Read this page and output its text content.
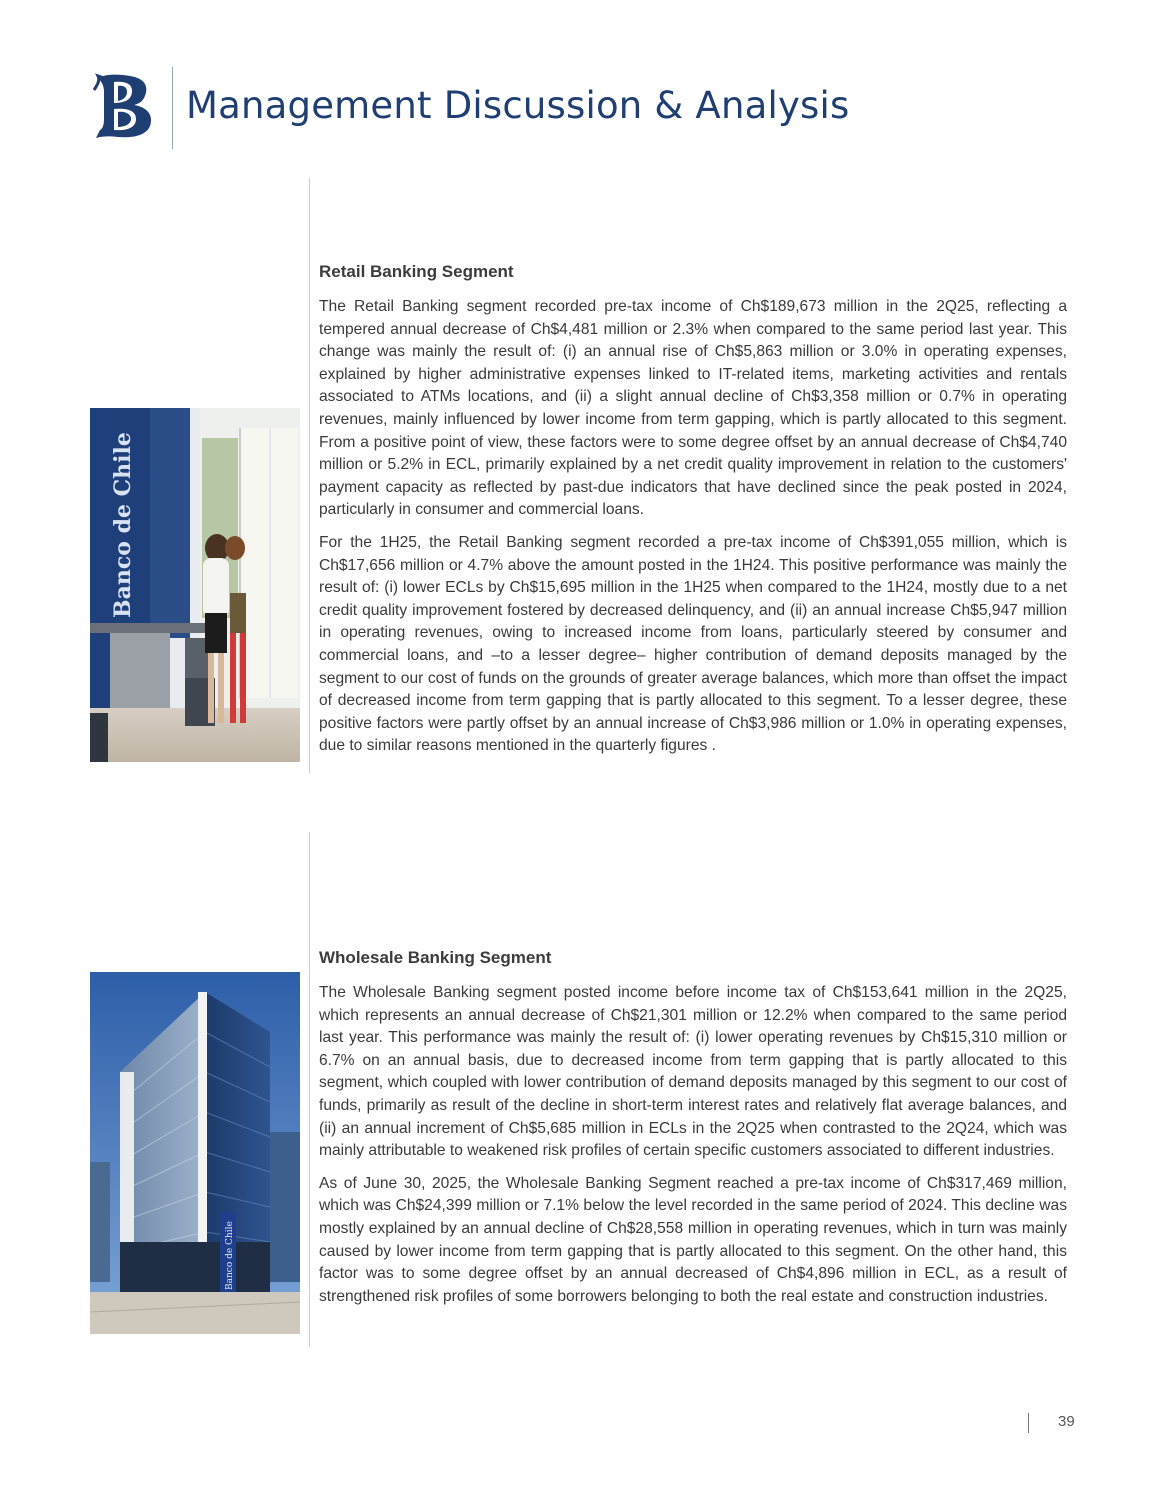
Management Discussion & Analysis
Banco de Chile
Retail Banking Segment

The Retail Banking segment recorded pre-tax income of Ch$189,673 million in the 2Q25, reflecting a tempered annual decrease of Ch$4,481 million or 2.3% when compared to the same period last year. This change was mainly the result of: (i) an annual rise of Ch$5,863 million or 3.0% in operating expenses, explained by higher administrative expenses linked to IT-related items, marketing activities and rentals associated to ATMs locations, and (ii) a slight annual decline of Ch$3,358 million or 0.7% in operating revenues, mainly influenced by lower income from term gapping, which is partly allocated to this segment. From a positive point of view, these factors were to some degree offset by an annual decrease of Ch$4,740 million or 5.2% in ECL, primarily explained by a net credit quality improvement in relation to the customers' payment capacity as reflected by past-due indicators that have declined since the peak posted in 2024, particularly in consumer and commercial loans.

For the 1H25, the Retail Banking segment recorded a pre-tax income of Ch$391,055 million, which is Ch$17,656 million or 4.7% above the amount posted in the 1H24. This positive performance was mainly the result of: (i) lower ECLs by Ch$15,695 million in the 1H25 when compared to the 1H24, mostly due to a net credit quality improvement fostered by decreased delinquency, and (ii) an annual increase Ch$5,947 million in operating revenues, owing to increased income from loans, particularly steered by consumer and commercial loans, and –to a lesser degree– higher contribution of demand deposits managed by the segment to our cost of funds on the grounds of greater average balances, which more than offset the impact of decreased income from term gapping that is partly allocated to this segment. To a lesser degree, these positive factors were partly offset by an annual increase of Ch$3,986 million or 1.0% in operating expenses, due to similar reasons mentioned in the quarterly figures .

Banco de Chile
Wholesale Banking Segment

The Wholesale Banking segment posted income before income tax of Ch$153,641 million in the 2Q25, which represents an annual decrease of Ch$21,301 million or 12.2% when compared to the same period last year. This performance was mainly the result of: (i) lower operating revenues by Ch$15,310 million or 6.7% on an annual basis, due to decreased income from term gapping that is partly allocated to this segment, which coupled with lower contribution of demand deposits managed by this segment to our cost of funds, primarily as result of the decline in short-term interest rates and relatively flat average balances, and (ii) an annual increment of Ch$5,685 million in ECLs in the 2Q25 when contrasted to the 2Q24, which was mainly attributable to weakened risk profiles of certain specific customers associated to different industries.

As of June 30, 2025, the Wholesale Banking Segment reached a pre-tax income of Ch$317,469 million, which was Ch$24,399 million or 7.1% below the level recorded in the same period of 2024. This decline was mostly explained by an annual decline of Ch$28,558 million in operating revenues, which in turn was mainly caused by lower income from term gapping that is partly allocated to this segment. On the other hand, this factor was to some degree offset by an annual decreased of Ch$4,896 million in ECL, as a result of strengthened risk profiles of some borrowers belonging to both the real estate and construction industries.

39
